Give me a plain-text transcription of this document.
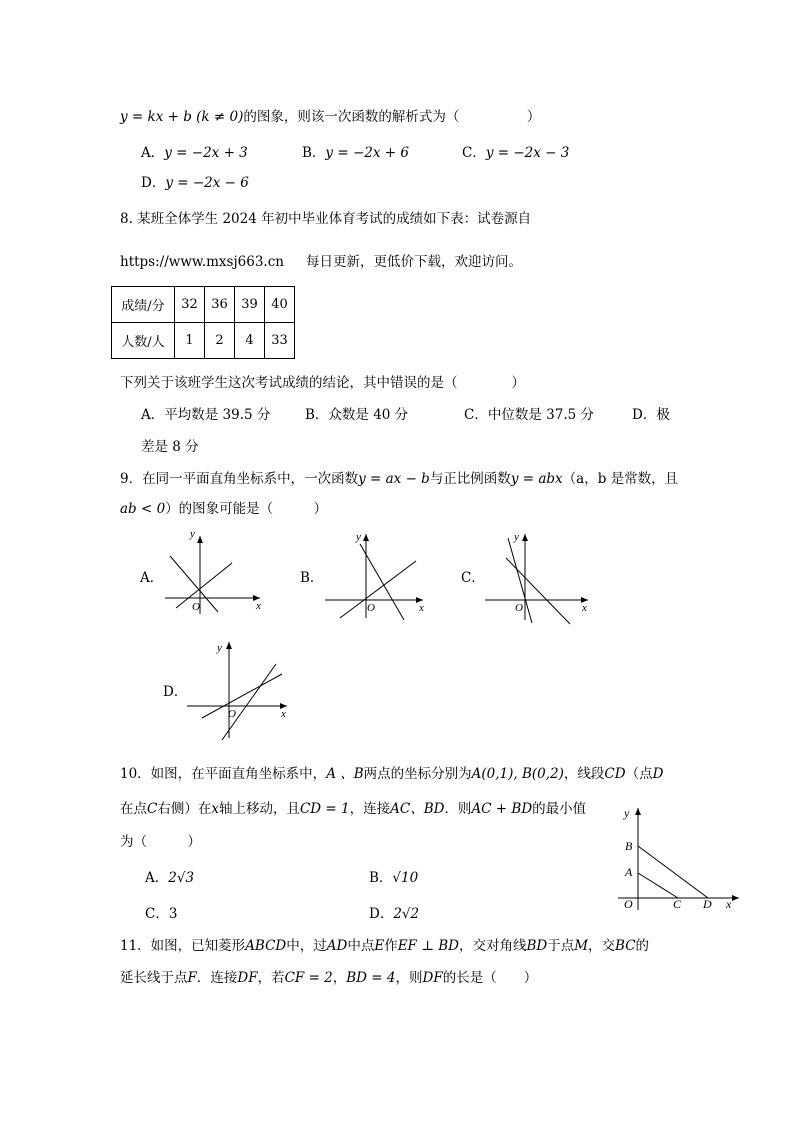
y = kx + b (k ≠ 0)的图象，则该一次函数的解析式为（　　　　　）
A．y = −2x + 3	B．y = −2x + 6	C．y = −2x − 3
D．y = −2x − 6
8. 某班全体学生 2024 年初中毕业体育考试的成绩如下表：试卷源自
https://www.mxsj663.cn 每日更新，更低价下载，欢迎访问。
成绩/分	32	36	39	40
人数/人	1	2	4	33
下列关于该班学生这次考试成绩的结论，其中错误的是（　　　　）
A．平均数是 39.5 分	B．众数是 40 分	C．中位数是 37.5 分	D．极
差是 8 分
9．在同一平面直角坐标系中，一次函数y = ax − b与正比例函数y = abx（a，b 是常数，且
ab < 0）的图象可能是（　　　）
A．
y
x
O
B．
y
x
O
C．
y
x
O
D．
y
x
O
10．如图，在平面直角坐标系中，A 、B两点的坐标分别为A(0,1), B(0,2)，线段CD（点D
在点C右侧）在x轴上移动，且CD = 1，连接AC、BD．则AC + BD的最小值
为（　　　）
A．2√3	B．√10
C．3	D．2√2
y
B
A
O	C D x
11．如图，已知菱形ABCD中，过AD中点E作EF ⊥ BD，交对角线BD于点M，交BC的
延长线于点F．连接DF，若CF = 2，BD = 4，则DF的长是（　　）
